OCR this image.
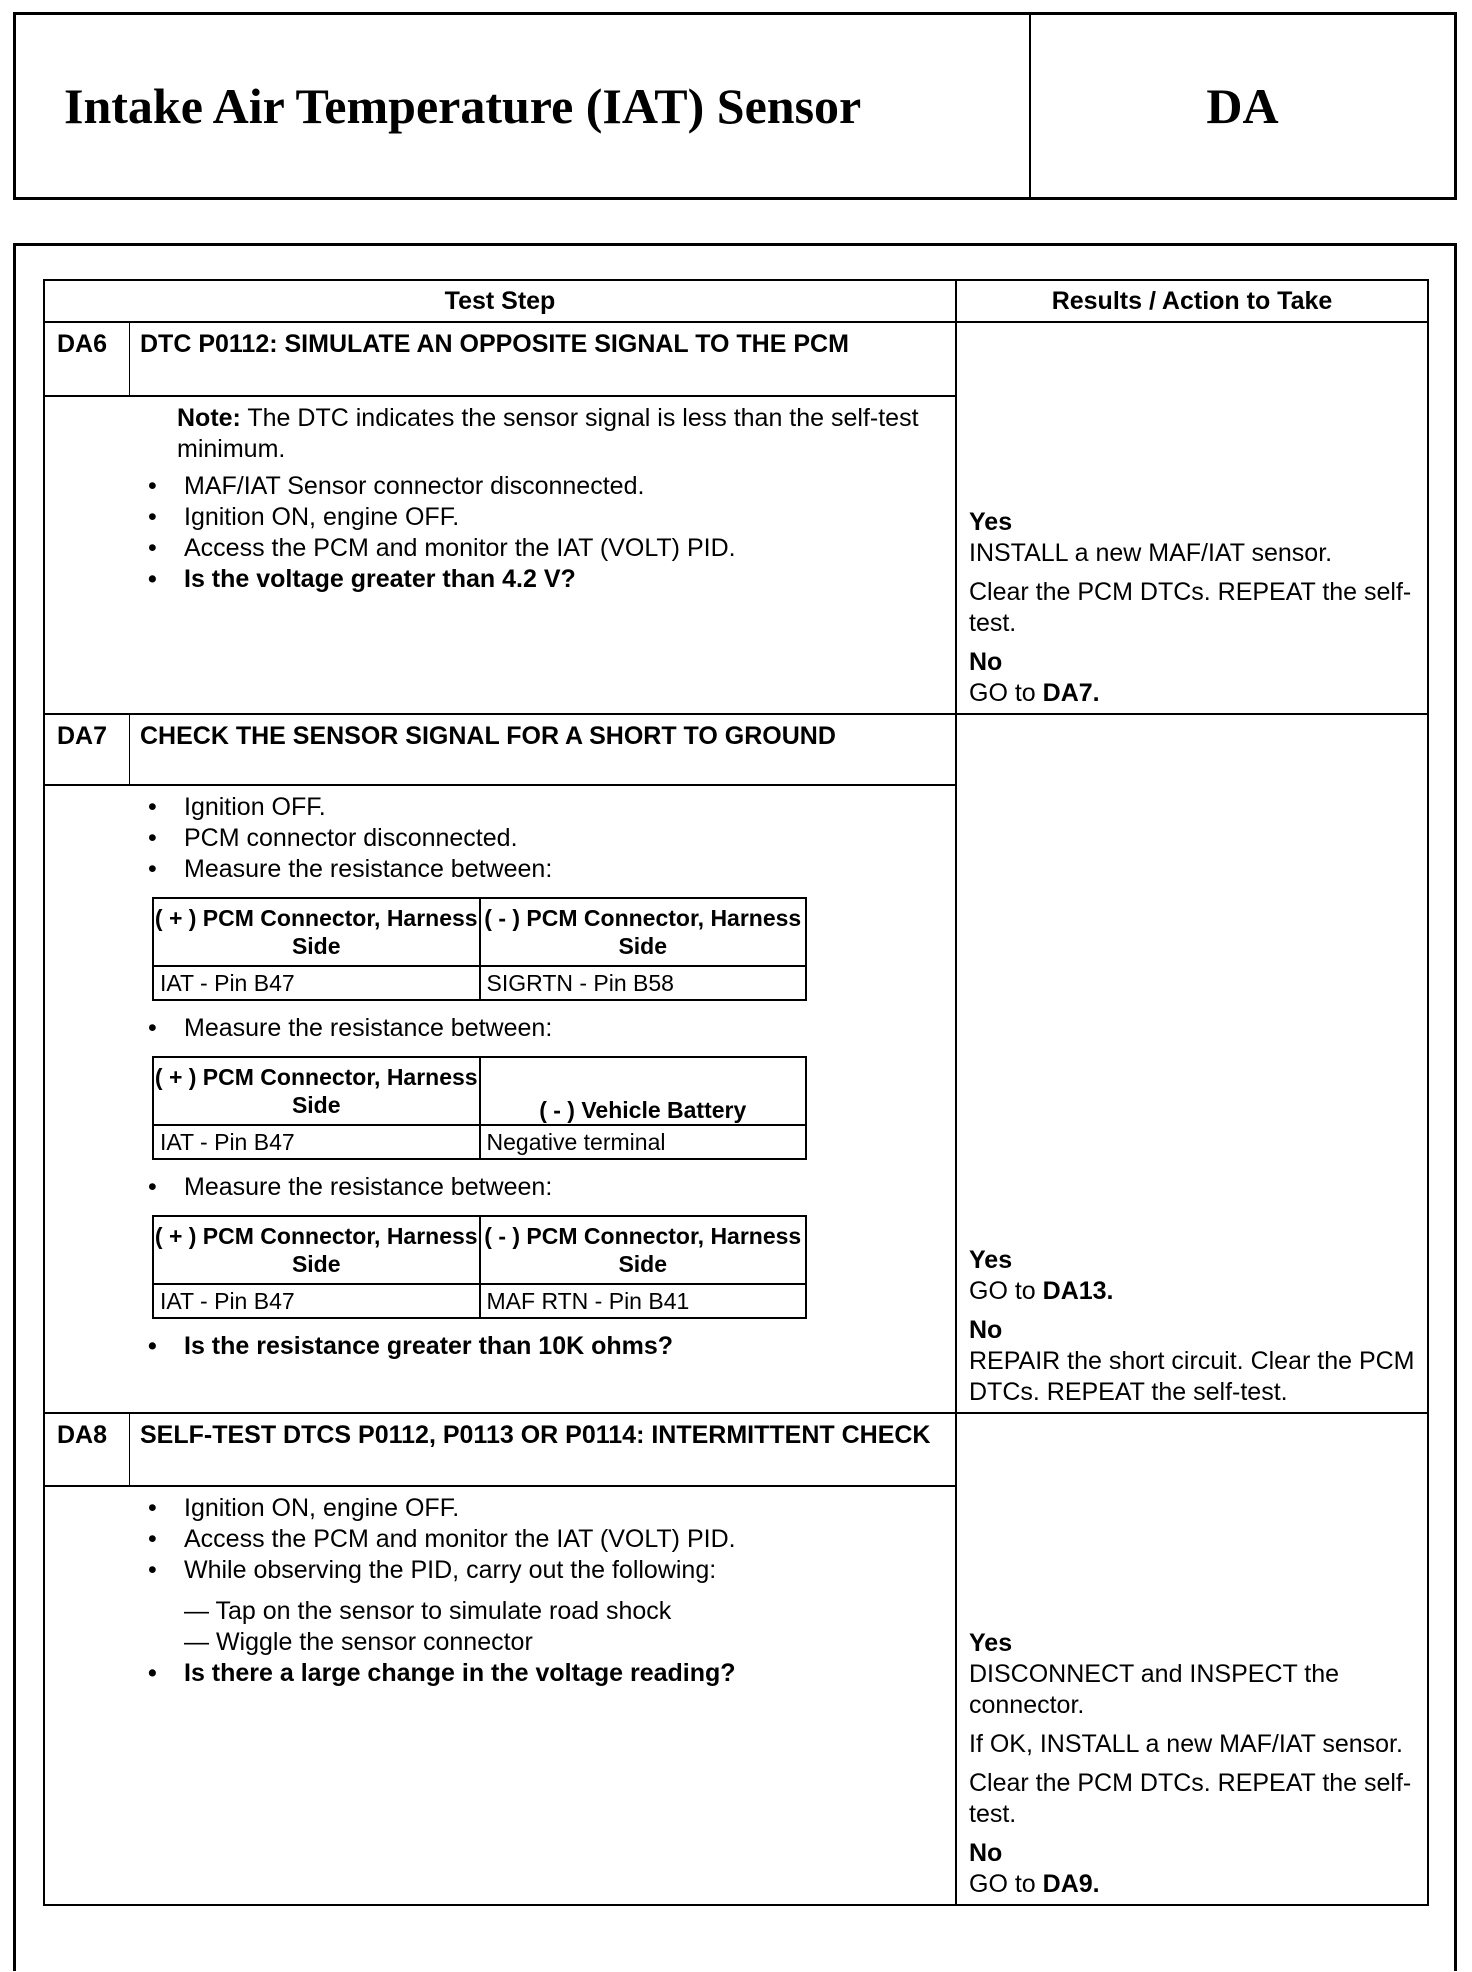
Intake Air Temperature (IAT) Sensor	DA
Test Step	Results / Action to Take
DA6	DTC P0112: SIMULATE AN OPPOSITE SIGNAL TO THE PCM
Note: The DTC indicates the sensor signal is less than the self-test minimum.
• MAF/IAT Sensor connector disconnected.
• Ignition ON, engine OFF.
• Access the PCM and monitor the IAT (VOLT) PID.
• Is the voltage greater than 4.2 V?
Yes
INSTALL a new MAF/IAT sensor.

Clear the PCM DTCs. REPEAT the self-test.

No

GO to DA7.
DA7	CHECK THE SENSOR SIGNAL FOR A SHORT TO GROUND
• Ignition OFF.
• PCM connector disconnected.
• Measure the resistance between:
( + ) PCM Connector, Harness Side	( - ) PCM Connector, Harness Side
IAT - Pin B47	SIGRTN - Pin B58
• Measure the resistance between:
( + ) PCM Connector, Harness Side	( - ) Vehicle Battery
IAT - Pin B47	Negative terminal
• Measure the resistance between:
( + ) PCM Connector, Harness Side	( - ) PCM Connector, Harness Side
IAT - Pin B47	MAF RTN - Pin B41
• Is the resistance greater than 10K ohms?
Yes
GO to DA13.

No

REPAIR the short circuit. Clear the PCM DTCs. REPEAT the self-test.
DA8	SELF-TEST DTCS P0112, P0113 OR P0114: INTERMITTENT CHECK
• Ignition ON, engine OFF.
• Access the PCM and monitor the IAT (VOLT) PID.
• While observing the PID, carry out the following:
— Tap on the sensor to simulate road shock
— Wiggle the sensor connector
• Is there a large change in the voltage reading?
Yes
DISCONNECT and INSPECT the connector.

If OK, INSTALL a new MAF/IAT sensor.

Clear the PCM DTCs. REPEAT the self-test.

No

GO to DA9.
